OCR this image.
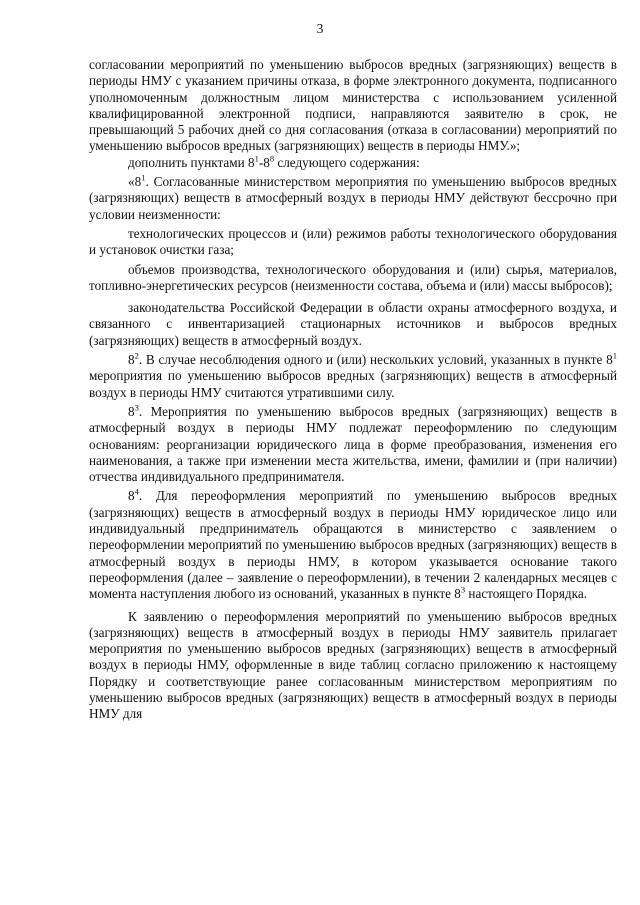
3

согласовании мероприятий по уменьшению выбросов вредных (загрязняющих) веществ в периоды НМУ с указанием причины отказа, в форме электронного документа, подписанного уполномоченным должностным лицом министерства с использованием усиленной квалифицированной электронной подписи, направляются заявителю в срок, не превышающий 5 рабочих дней со дня согласования (отказа в согласовании) мероприятий по уменьшению выбросов вредных (загрязняющих) веществ в периоды НМУ.»;

дополнить пунктами $8^1-8^8$ следующего содержания:

«$8^1$. Согласованные министерством мероприятия по уменьшению выбросов вредных (загрязняющих) веществ в атмосферный воздух в периоды НМУ действуют бессрочно при условии неизменности:

технологических процессов и (или) режимов работы технологического оборудования и установок очистки газа;

объемов производства, технологического оборудования и (или) сырья, материалов, топливно-энергетических ресурсов (неизменности состава, объема и (или) массы выбросов);

законодательства Российской Федерации в области охраны атмосферного воздуха, и связанного с инвентаризацией стационарных источников и выбросов вредных (загрязняющих) веществ в атмосферный воздух.

$8^2$. В случае несоблюдения одного и (или) нескольких условий, указанных в пункте $8^1$ мероприятия по уменьшению выбросов вредных (загрязняющих) веществ в атмосферный воздух в периоды НМУ считаются утратившими силу.

$8^3$. Мероприятия по уменьшению выбросов вредных (загрязняющих) веществ в атмосферный воздух в периоды НМУ подлежат переоформлению по следующим основаниям: реорганизации юридического лица в форме преобразования, изменения его наименования, а также при изменении места жительства, имени, фамилии и (при наличии) отчества индивидуального предпринимателя.

$8^4$. Для переоформления мероприятий по уменьшению выбросов вредных (загрязняющих) веществ в атмосферный воздух в периоды НМУ юридическое лицо или индивидуальный предприниматель обращаются в министерство с заявлением о переоформлении мероприятий по уменьшению выбросов вредных (загрязняющих) веществ в атмосферный воздух в периоды НМУ, в котором указывается основание такого переоформления (далее – заявление о переоформлении), в течении 2 календарных месяцев с момента наступления любого из оснований, указанных в пункте $8^3$ настоящего Порядка.

К заявлению о переоформления мероприятий по уменьшению выбросов вредных (загрязняющих) веществ в атмосферный воздух в периоды НМУ заявитель прилагает мероприятия по уменьшению выбросов вредных (загрязняющих) веществ в атмосферный воздух в периоды НМУ, оформленные в виде таблиц согласно приложению к настоящему Порядку и соответствующие ранее согласованным министерством мероприятиям по уменьшению выбросов вредных (загрязняющих) веществ в атмосферный воздух в периоды НМУ для
